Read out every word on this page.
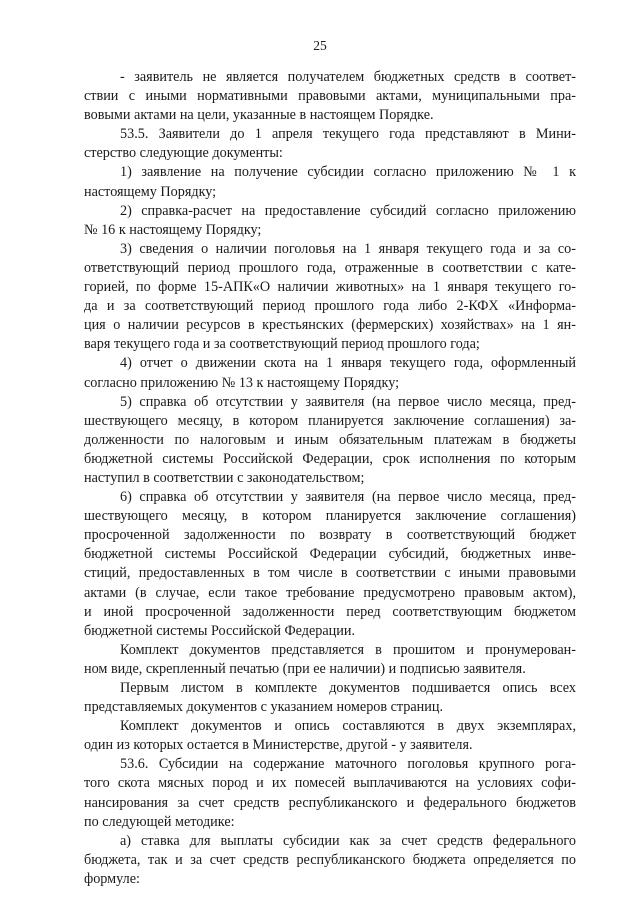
25
- заявитель не является получателем бюджетных средств в соответ-
ствии с иными нормативными правовыми актами, муниципальными пра-
вовыми актами на цели, указанные в настоящем Порядке.
53.5. Заявители до 1 апреля текущего года представляют в Мини-
стерство следующие документы:
1) заявление на получение субсидии согласно приложению № 1 к
настоящему Порядку;
2) справка-расчет на предоставление субсидий согласно приложению
№ 16 к настоящему Порядку;
3) сведения о наличии поголовья на 1 января текущего года и за со-
ответствующий период прошлого года, отраженные в соответствии с кате-
горией, по форме 15-АПК«О наличии животных» на 1 января текущего го-
да и за соответствующий период прошлого года либо 2-КФХ «Информа-
ция о наличии ресурсов в крестьянских (фермерских) хозяйствах» на 1 ян-
варя текущего года и за соответствующий период прошлого года;
4) отчет о движении скота на 1 января текущего года, оформленный
согласно приложению № 13 к настоящему Порядку;
5) справка об отсутствии у заявителя (на первое число месяца, пред-
шествующего месяцу, в котором планируется заключение соглашения) за-
долженности по налоговым и иным обязательным платежам в бюджеты
бюджетной системы Российской Федерации, срок исполнения по которым
наступил в соответствии с законодательством;
6) справка об отсутствии у заявителя (на первое число месяца, пред-
шествующего месяцу, в котором планируется заключение соглашения)
просроченной задолженности по возврату в соответствующий бюджет
бюджетной системы Российской Федерации субсидий, бюджетных инве-
стиций, предоставленных в том числе в соответствии с иными правовыми
актами (в случае, если такое требование предусмотрено правовым актом),
и иной просроченной задолженности перед соответствующим бюджетом
бюджетной системы Российской Федерации.
Комплект документов представляется в прошитом и пронумерован-
ном виде, скрепленный печатью (при ее наличии) и подписью заявителя.
Первым листом в комплекте документов подшивается опись всех
представляемых документов с указанием номеров страниц.
Комплект документов и опись составляются в двух экземплярах,
один из которых остается в Министерстве, другой - у заявителя.
53.6. Субсидии на содержание маточного поголовья крупного рога-
того скота мясных пород и их помесей выплачиваются на условиях софи-
нансирования за счет средств республиканского и федерального бюджетов
по следующей методике:
а) ставка для выплаты субсидии как за счет средств федерального
бюджета, так и за счет средств республиканского бюджета определяется по
формуле:
